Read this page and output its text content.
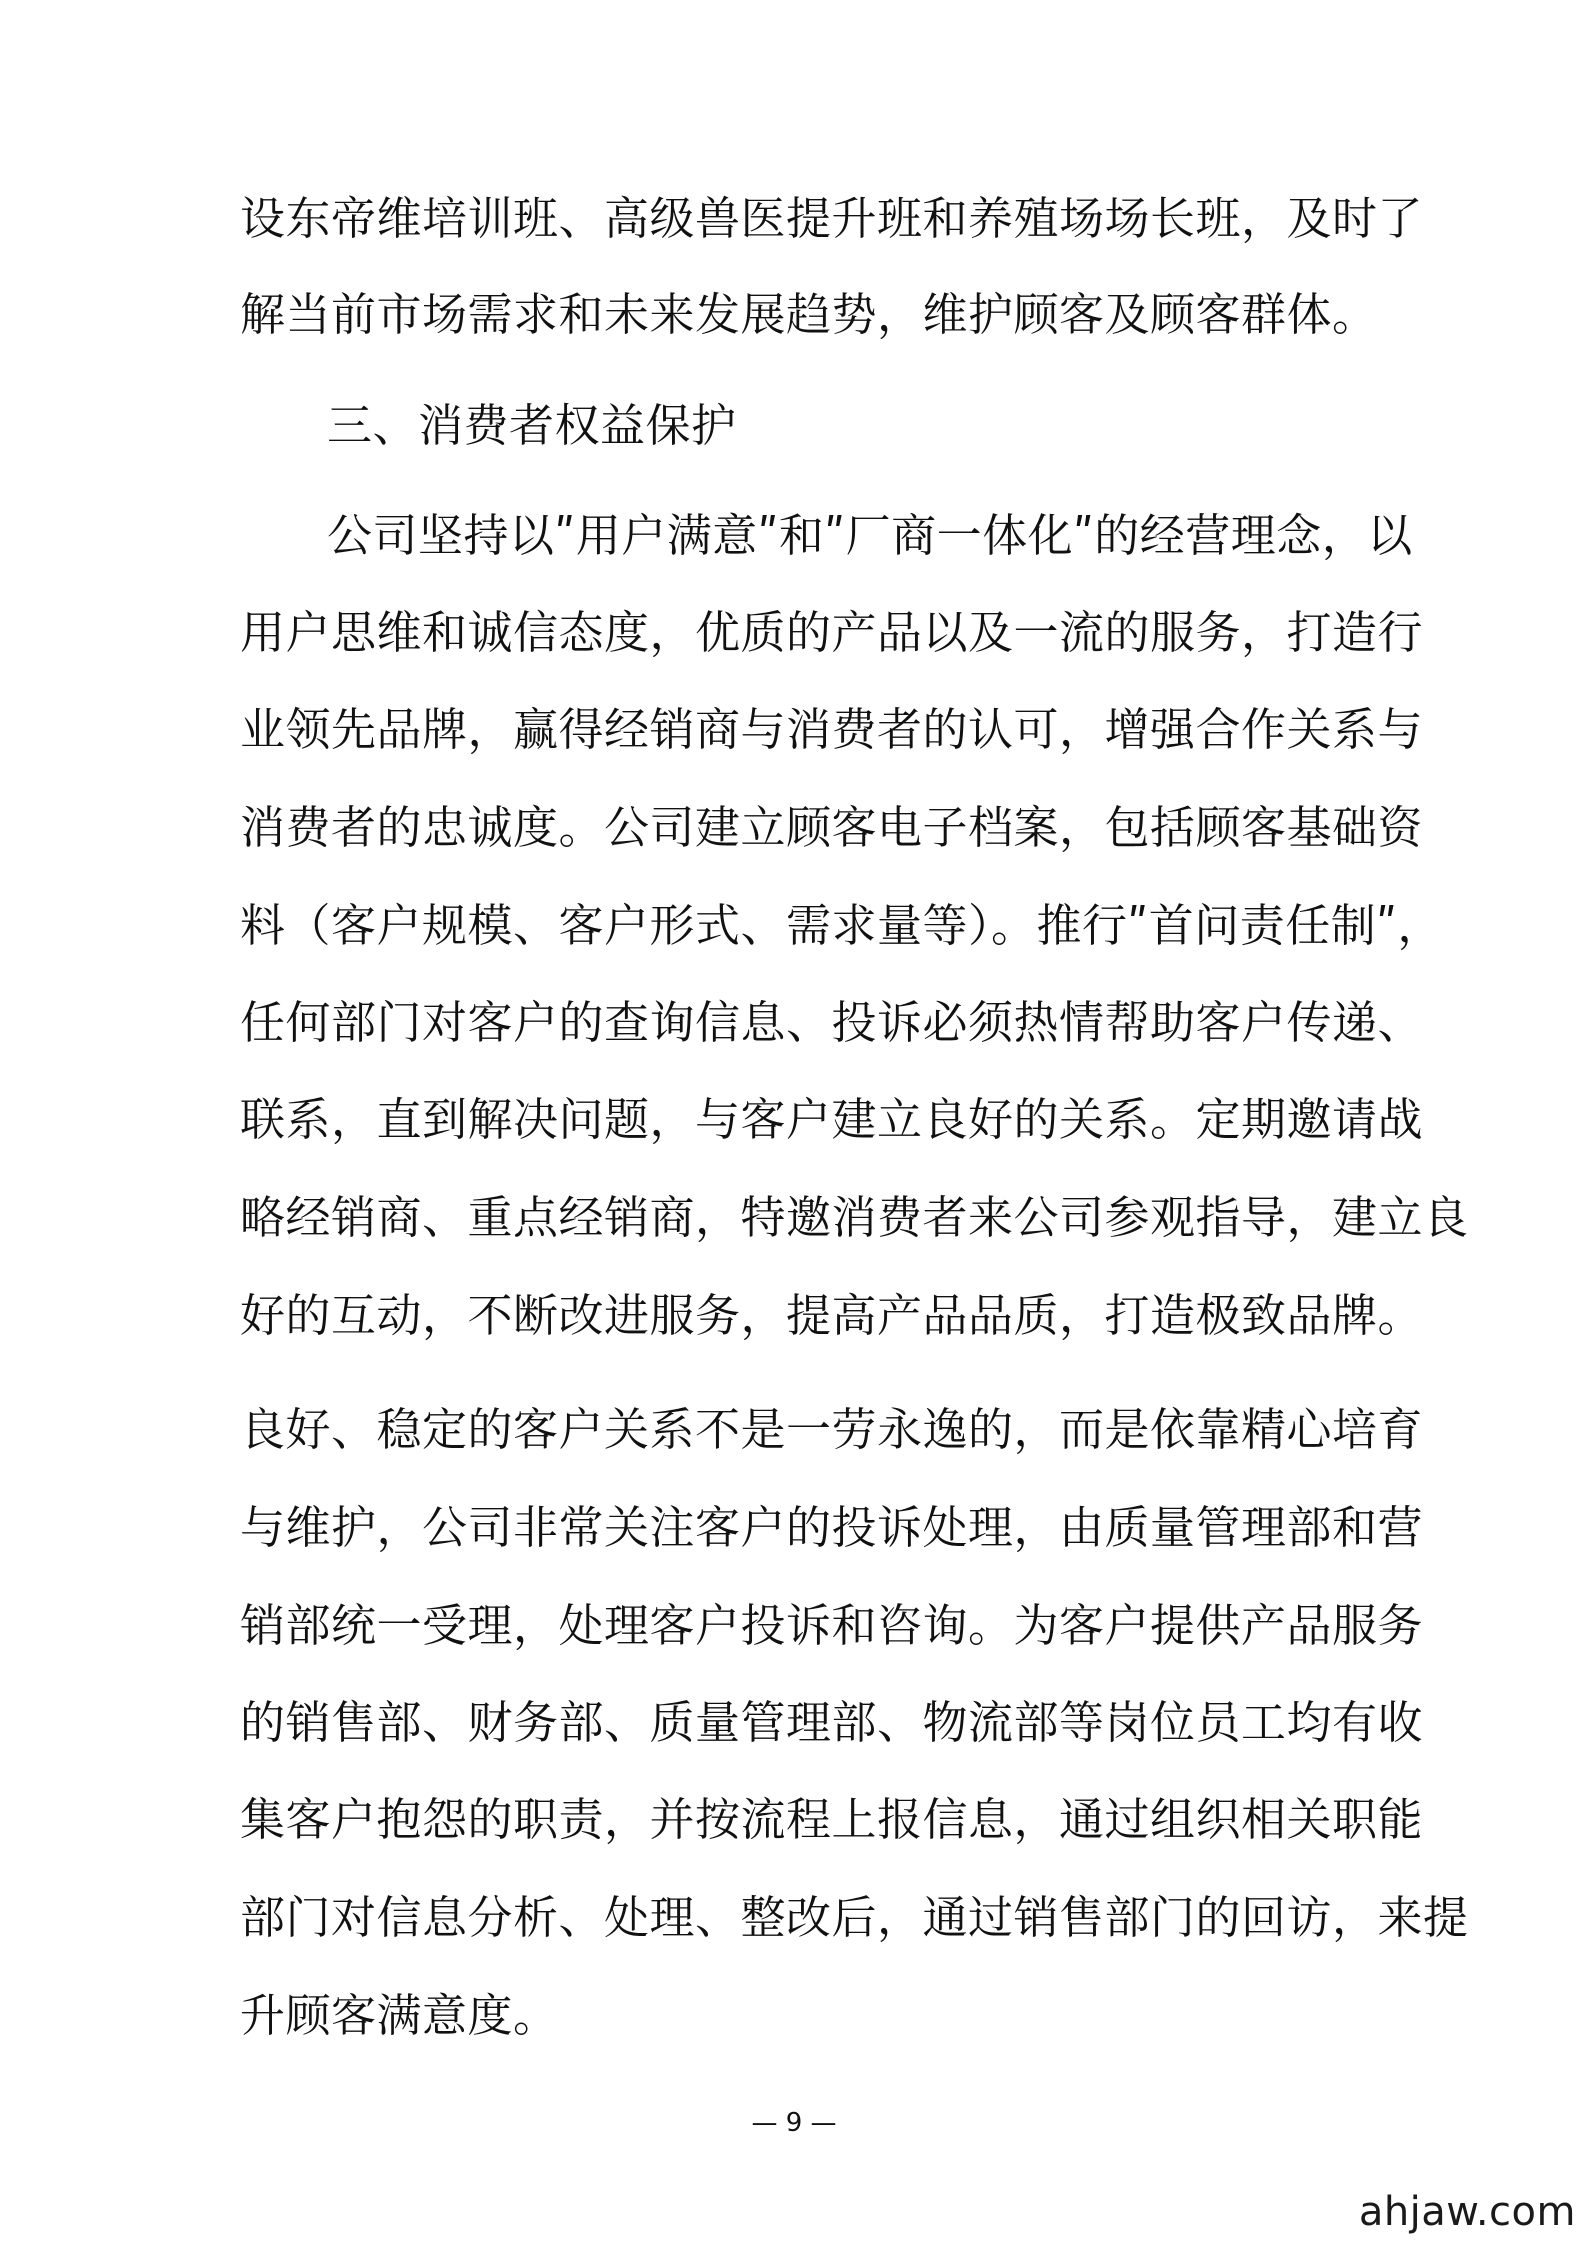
设东帝维培训班、高级兽医提升班和养殖场场长班，及时了
解当前市场需求和未来发展趋势，维护顾客及顾客群体。
三、消费者权益保护
公司坚持以ʺ用户满意ʺ和ʺ厂商一体化ʺ的经营理念，以
用户思维和诚信态度，优质的产品以及一流的服务，打造行
业领先品牌，赢得经销商与消费者的认可，增强合作关系与
消费者的忠诚度。公司建立顾客电子档案，包括顾客基础资
料（客户规模、客户形式、需求量等）。推行ʺ首问责任制ʺ，
任何部门对客户的查询信息、投诉必须热情帮助客户传递、
联系，直到解决问题，与客户建立良好的关系。定期邀请战
略经销商、重点经销商，特邀消费者来公司参观指导，建立良
好的互动，不断改进服务，提高产品品质，打造极致品牌。
良好、稳定的客户关系不是一劳永逸的，而是依靠精心培育
与维护，公司非常关注客户的投诉处理，由质量管理部和营
销部统一受理，处理客户投诉和咨询。为客户提供产品服务
的销售部、财务部、质量管理部、物流部等岗位员工均有收
集客户抱怨的职责，并按流程上报信息，通过组织相关职能
部门对信息分析、处理、整改后，通过销售部门的回访，来提
升顾客满意度。
— 9 —
ahjaw.com
